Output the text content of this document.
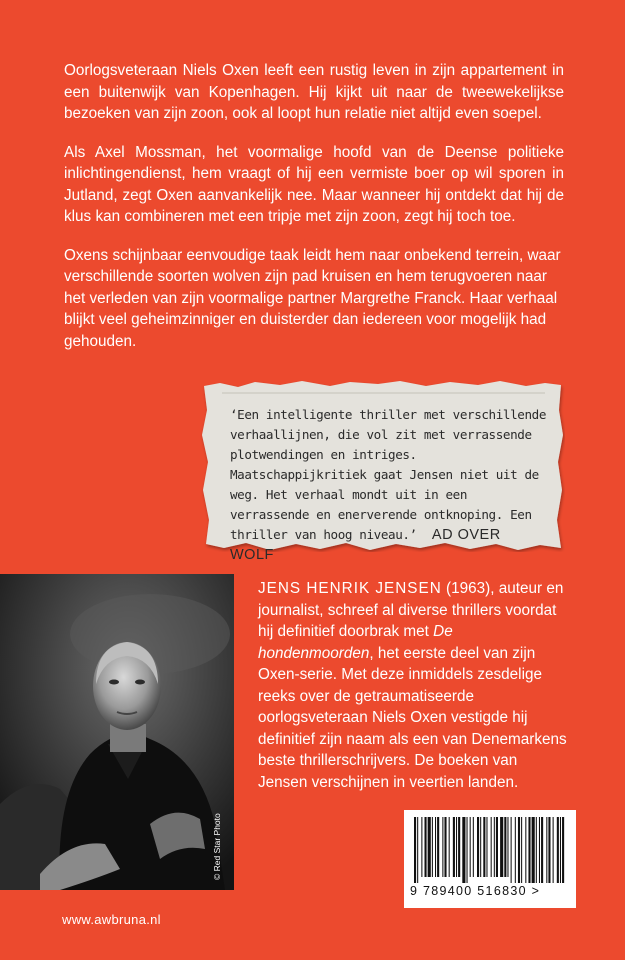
Oorlogsveteraan Niels Oxen leeft een rustig leven in zijn appartement in een buitenwijk van Kopenhagen. Hij kijkt uit naar de tweewekelijkse bezoeken van zijn zoon, ook al loopt hun relatie niet altijd even soepel.

Als Axel Mossman, het voormalige hoofd van de Deense politieke inlichtingendienst, hem vraagt of hij een vermiste boer op wil sporen in Jutland, zegt Oxen aanvankelijk nee. Maar wanneer hij ontdekt dat hij de klus kan combineren met een tripje met zijn zoon, zegt hij toch toe.

Oxens schijnbaar eenvoudige taak leidt hem naar onbekend terrein, waar verschillende soorten wolven zijn pad kruisen en hem terugvoeren naar het verleden van zijn voormalige partner Margrethe Franck. Haar verhaal blijkt veel geheimzinniger en duisterder dan iedereen voor mogelijk had gehouden.

‘Een intelligente thriller met verschillende verhaallijnen, die vol zit met verrassende plotwendingen en intriges. Maatschappijkritiek gaat Jensen niet uit de weg. Het verhaal mondt uit in een verrassende en enerverende ontknoping. Een thriller van hoog niveau.’ AD OVER WOLF
© Red Star Photo
JENS HENRIK JENSEN (1963), auteur en journalist, schreef al diverse thrillers voordat hij definitief doorbrak met De hondenmoorden, het eerste deel van zijn Oxen-serie. Met deze inmiddels zesdelige reeks over de getraumatiseerde oorlogsveteraan Niels Oxen vestigde hij definitief zijn naam als een van Denemarkens beste thrillerschrijvers. De boeken van Jensen verschijnen in veertien landen.
9 789400 516830 >
www.awbruna.nl
